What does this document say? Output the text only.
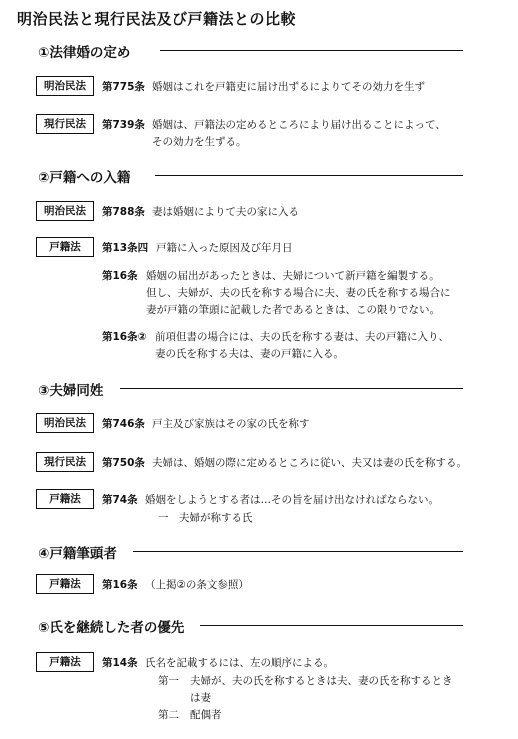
明治民法と現行民法及び戸籍法との比較
①法律婚の定め
明治民法	第775条 婚姻はこれを戸籍吏に届け出ずるによりてその効力を生ず
現行民法	第739条 婚姻は、戸籍法の定めるところにより届け出ることによって、
その効力を生ずる。
②戸籍への入籍
明治民法	第788条 妻は婚姻によりて夫の家に入る
戸籍法	第13条四 戸籍に入った原因及び年月日
第16条 婚姻の届出があったときは、夫婦について新戸籍を編製する。
但し、夫婦が、夫の氏を称する場合に夫、妻の氏を称する場合に
妻が戸籍の筆頭に記載した者であるときは、この限りでない。
第16条② 前項但書の場合には、夫の氏を称する妻は、夫の戸籍に入り、
妻の氏を称する夫は、妻の戸籍に入る。
③夫婦同姓
明治民法	第746条 戸主及び家族はその家の氏を称す
現行民法	第750条 夫婦は、婚姻の際に定めるところに従い、夫又は妻の氏を称する。
戸籍法	第74条 婚姻をしようとする者は…その旨を届け出なければならない。
一　夫婦が称する氏
④戸籍筆頭者
戸籍法	第16条 （上掲②の条文参照）
⑤氏を継続した者の優先
戸籍法	第14条 氏名を記載するには、左の順序による。
第一 夫婦が、夫の氏を称するときは夫、妻の氏を称するとき
は妻
第二 配偶者
